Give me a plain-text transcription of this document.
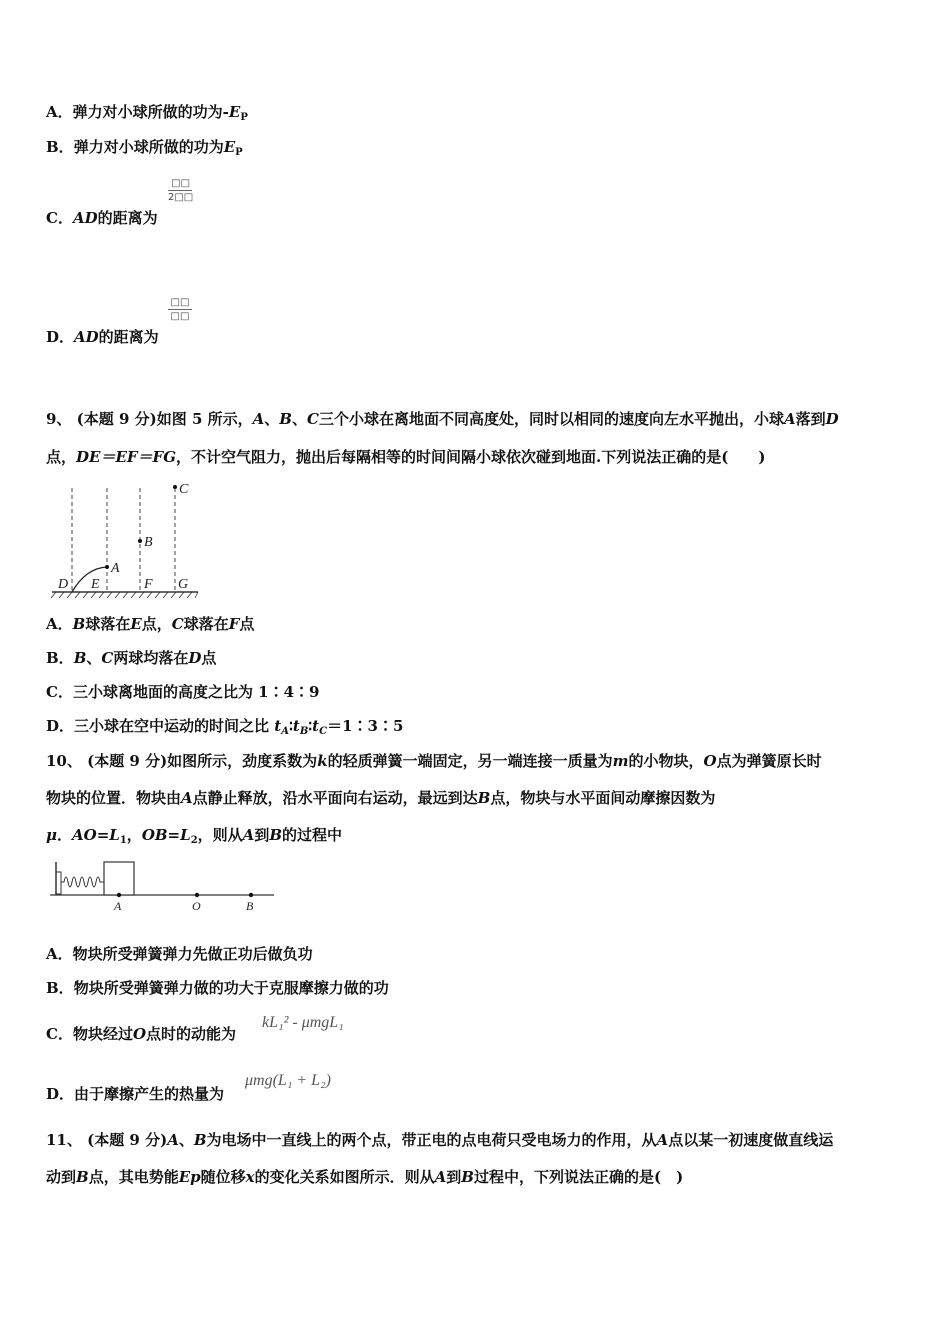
A．弹力对小球所做的功为$-E_P$
B．弹力对小球所做的功为$E_P$
□□
2□□
C．AD的距离为
□□
□□
D．AD的距离为
9、 (本题 9 分)如图 5 所示，A、B、C三个小球在离地面不同高度处，同时以相同的速度向左水平抛出，小球A落到D
点，DE＝EF＝FG，不计空气阻力，抛出后每隔相等的时间间隔小球依次碰到地面.下列说法正确的是(　　)
C
B
A
D E	F G
A．B球落在E点，C球落在F点
B．B、C两球均落在D点
C．三小球离地面的高度之比为 1∶4∶9
D．三小球在空中运动的时间之比 $t_A∶t_B∶t_C=1∶3∶5$
10、 (本题 9 分)如图所示，劲度系数为k的轻质弹簧一端固定，另一端连接一质量为m的小物块，O点为弹簧原长时
物块的位置．物块由A点静止释放，沿水平面向右运动，最远到达B点，物块与水平面间动摩擦因数为
μ．$AO=L_1$，$OB=L_2$，则从A到B的过程中
A	O	B
A．物块所受弹簧弹力先做正功后做负功
B．物块所受弹簧弹力做的功大于克服摩擦力做的功
C．物块经过O点时的动能为
kL₁² - μmgL₁
D．由于摩擦产生的热量为
μmg(L₁ + L₂)
11、 (本题 9 分)A、B为电场中一直线上的两个点，带正电的点电荷只受电场力的作用，从A点以某一初速度做直线运
动到B点，其电势能Ep随位移x的变化关系如图所示．则从A到B过程中，下列说法正确的是(　)
